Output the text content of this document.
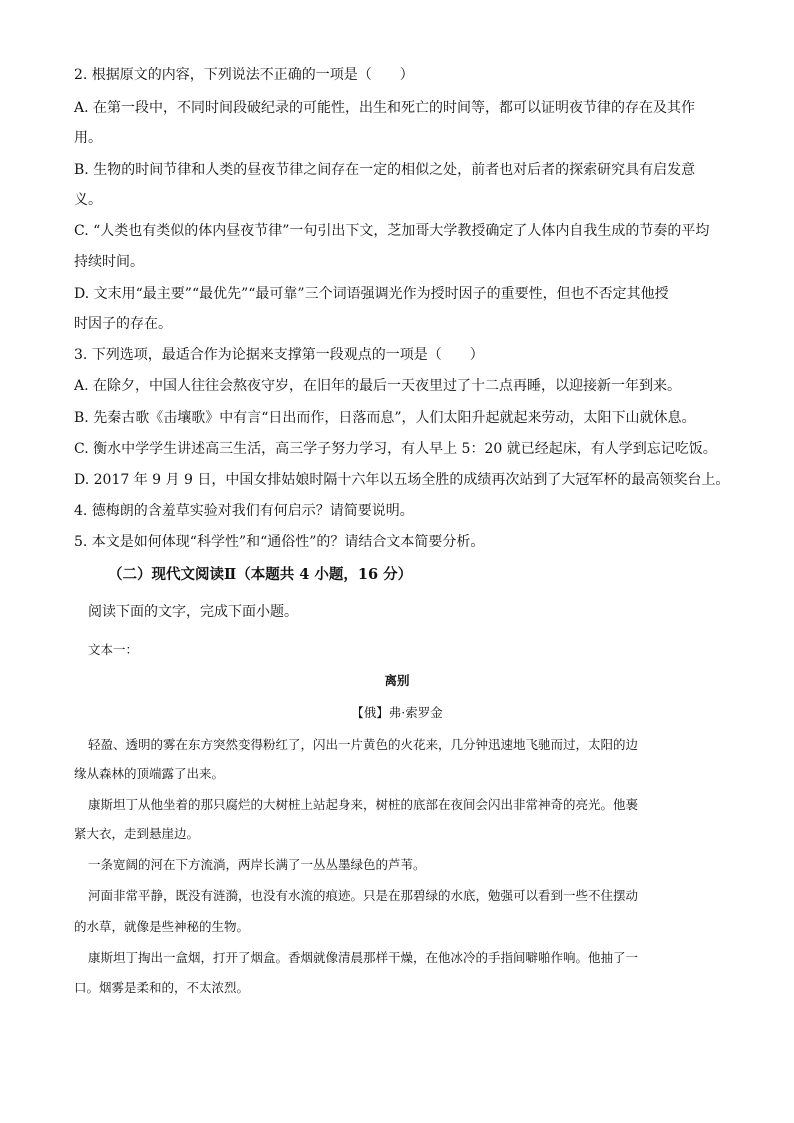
2. 根据原文的内容，下列说法不正确的一项是（　　）
A. 在第一段中，不同时间段破纪录的可能性，出生和死亡的时间等，都可以证明夜节律的存在及其作
用。
B. 生物的时间节律和人类的昼夜节律之间存在一定的相似之处，前者也对后者的探索研究具有启发意
义。
C. “人类也有类似的体内昼夜节律”一句引出下文，芝加哥大学教授确定了人体内自我生成的节奏的平均
持续时间。
D. 文末用“最主要”“最优先”“最可靠”三个词语强调光作为授时因子的重要性，但也不否定其他授
时因子的存在。
3. 下列选项，最适合作为论据来支撑第一段观点的一项是（　　）
A. 在除夕，中国人往往会熬夜守岁，在旧年的最后一天夜里过了十二点再睡，以迎接新一年到来。
B. 先秦古歌《击壤歌》中有言“日出而作，日落而息”，人们太阳升起就起来劳动，太阳下山就休息。
C. 衡水中学学生讲述高三生活，高三学子努力学习，有人早上 5：20 就已经起床，有人学到忘记吃饭。
D. 2017 年 9 月 9 日，中国女排姑娘时隔十六年以五场全胜的成绩再次站到了大冠军杯的最高领奖台上。
4. 德梅朗的含羞草实验对我们有何启示？请简要说明。
5. 本文是如何体现“科学性”和“通俗性”的？请结合文本简要分析。
（二）现代文阅读Ⅱ（本题共 4 小题，16 分）
阅读下面的文字，完成下面小题。
文本一：
离别
【俄】弗·索罗金
轻盈、透明的雾在东方突然变得粉红了，闪出一片黄色的火花来，几分钟迅速地飞驰而过，太阳的边
缘从森林的顶端露了出来。
康斯坦丁从他坐着的那只腐烂的大树桩上站起身来，树桩的底部在夜间会闪出非常神奇的亮光。他裹
紧大衣，走到悬崖边。
一条宽阔的河在下方流淌，两岸长满了一丛丛墨绿色的芦苇。
河面非常平静，既没有涟漪，也没有水流的痕迹。只是在那碧绿的水底，勉强可以看到一些不住摆动
的水草，就像是些神秘的生物。
康斯坦丁掏出一盒烟，打开了烟盒。香烟就像清晨那样干燥，在他冰冷的手指间噼啪作响。他抽了一
口。烟雾是柔和的，不太浓烈。
